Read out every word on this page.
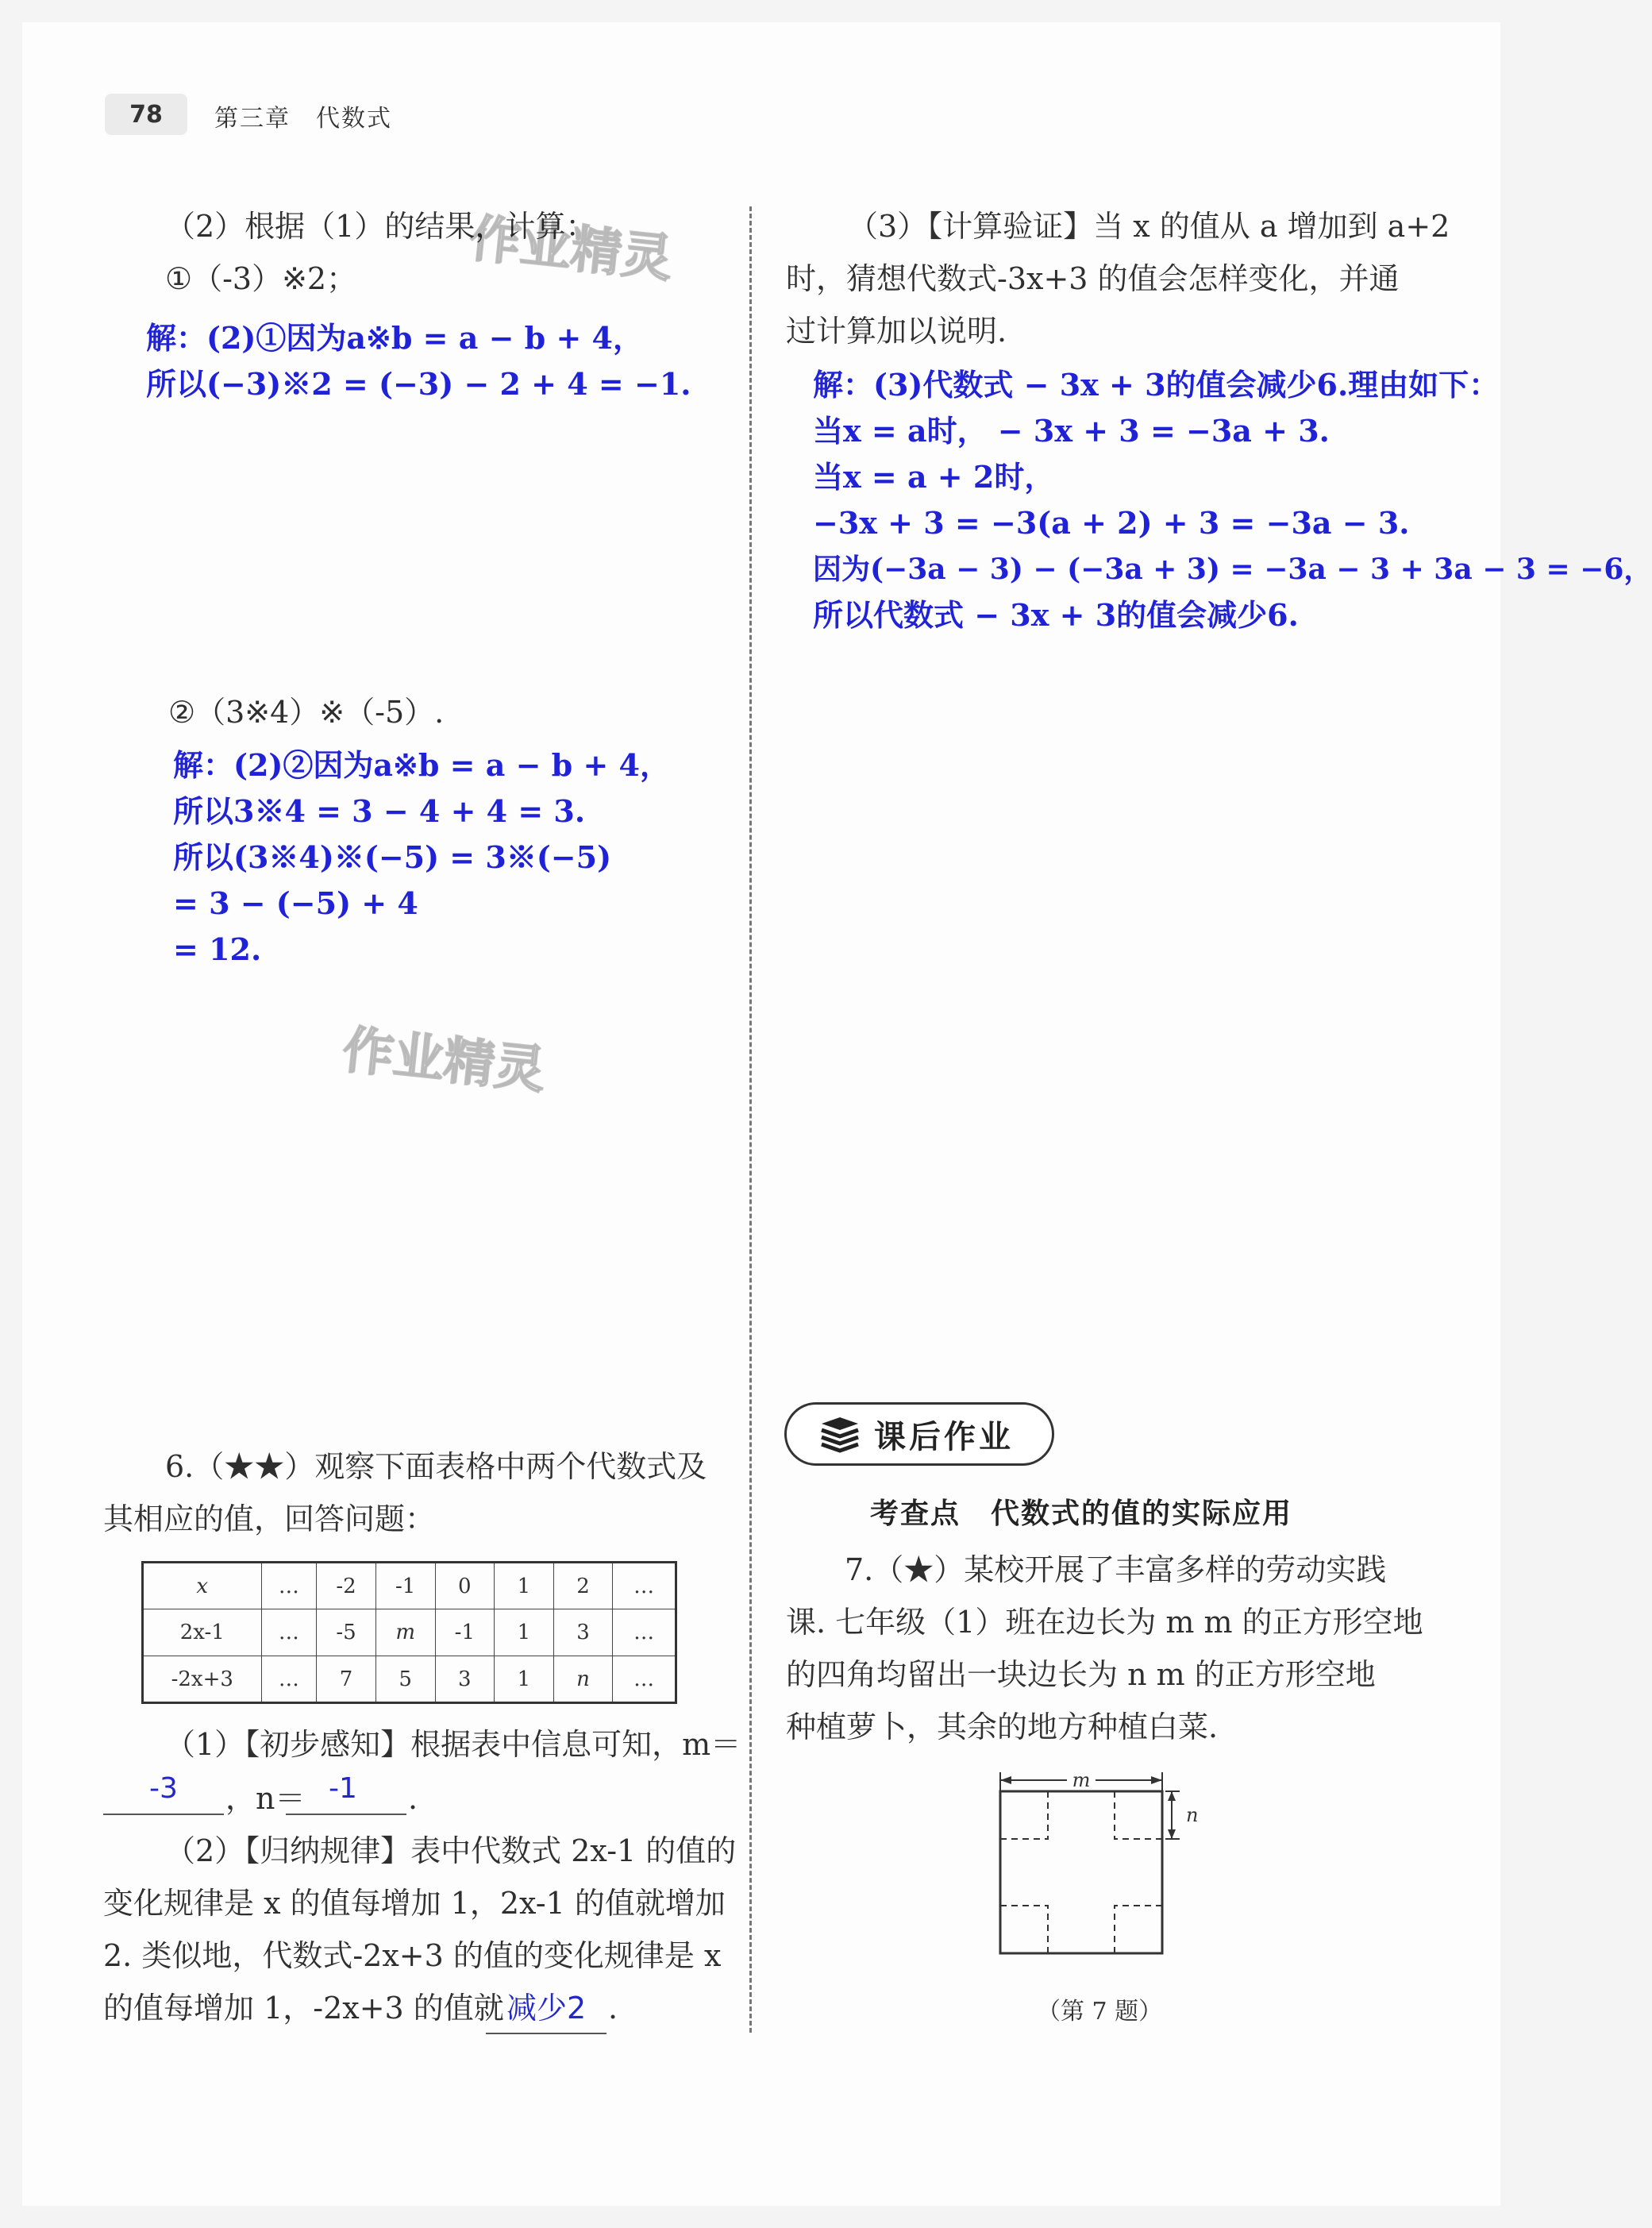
78	第三章　代数式
（2）根据（1）的结果，计算：
作业精灵
①（-3）※2；
解：(2)①因为a※b = a − b + 4，
所以(−3)※2 = (−3) − 2 + 4 = −1.
②（3※4）※（-5）.
解：(2)②因为a※b = a − b + 4，
所以3※4 = 3 − 4 + 4 = 3.
所以(3※4)※(−5) = 3※(−5)
= 3 − (−5) + 4
= 12.
作业精灵
6.（★★）观察下面表格中两个代数式及
其相应的值，回答问题：
x	…	-2	-1	0	1	2	…
2x-1	…	-5	m	-1	1	3	…
-2x+3	…	7	5	3	1	n	…
（1）【初步感知】根据表中信息可知，m＝
-3 ，n＝ -1 .
（2）【归纳规律】表中代数式 2x-1 的值的
变化规律是 x 的值每增加 1，2x-1 的值就增加
2. 类似地，代数式-2x+3 的值的变化规律是 x
的值每增加 1，-2x+3 的值就 减少2 .
（3）【计算验证】当 x 的值从 a 增加到 a+2
时，猜想代数式-3x+3 的值会怎样变化，并通
过计算加以说明.
解：(3)代数式 − 3x + 3的值会减少6.理由如下：
当x = a时， − 3x + 3 = −3a + 3.
当x = a + 2时，
−3x + 3 = −3(a + 2) + 3 = −3a − 3.
因为(−3a − 3) − (−3a + 3) = −3a − 3 + 3a − 3 = −6，
所以代数式 − 3x + 3的值会减少6.
课后作业
考查点　代数式的值的实际应用
7.（★）某校开展了丰富多样的劳动实践
课. 七年级（1）班在边长为 m m 的正方形空地
的四角均留出一块边长为 n m 的正方形空地
种植萝卜，其余的地方种植白菜.
m
n
（第 7 题）
